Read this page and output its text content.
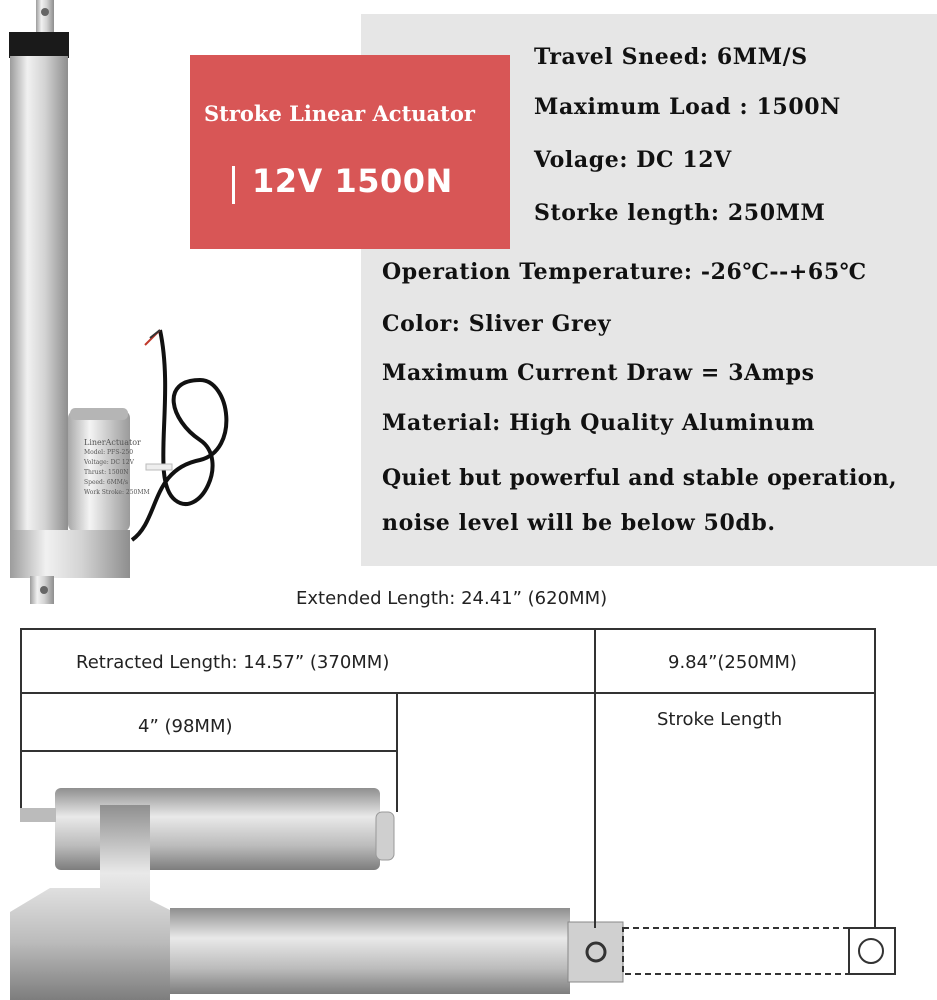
Travel Sneed: 6MM/S
Maximum Load : 1500N
Volage: DC 12V
Storke length: 250MM
Operation Temperature: -26℃--+65℃
Color: Sliver Grey
Maximum Current Draw = 3Amps
Material: High Quality Aluminum
Quiet but powerful and stable operation,
noise level will be below 50db.
LinerActuator
Model: PFS-250
Voltage: DC 12V
Thrust: 1500N
Speed: 6MM/s
Work Stroke: 250MM
Stroke Linear Actuator
12V 1500N
Extended Length: 24.41” (620MM)
Retracted Length: 14.57” (370MM)	9.84”(250MM)
4” (98MM)	Stroke Length
